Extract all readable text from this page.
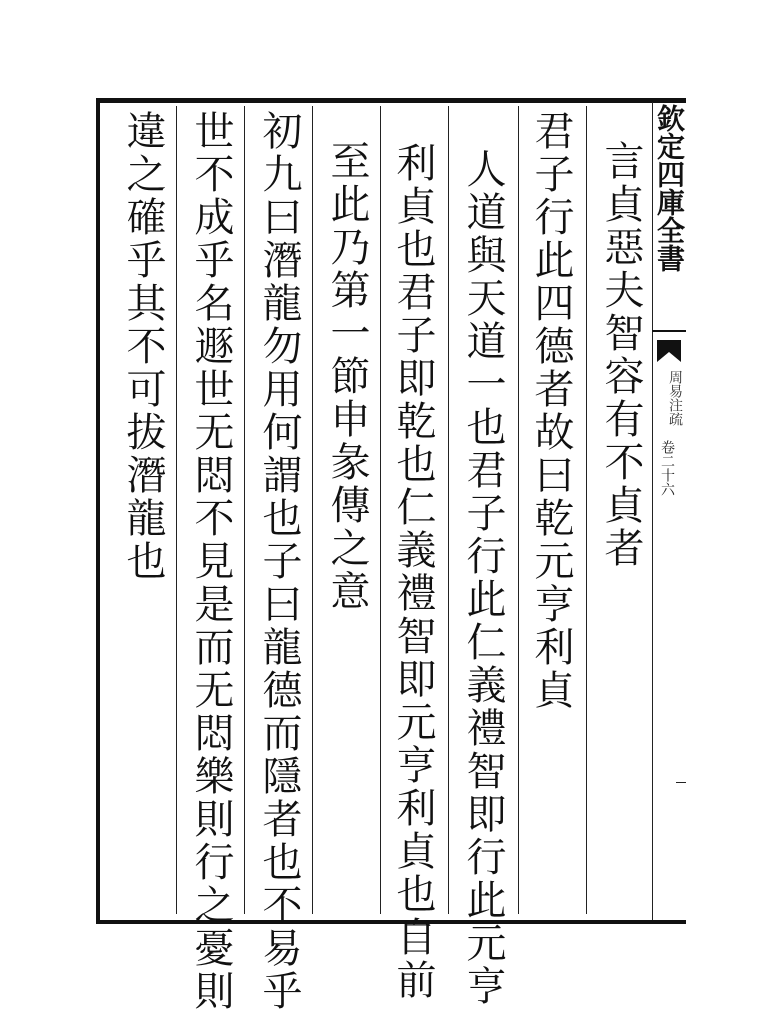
言貞惡夫智容有不貞者
君子行此四德者故曰乾元亨利貞
人道與天道一也君子行此仁義禮智即行此元亨
利貞也君子即乾也仁義禮智即元亨利貞也自前
至此乃第一節申彖傳之意
初九曰潛龍勿用何謂也子曰龍德而隱者也不易乎
世不成乎名遯世无悶不見是而无悶樂則行之憂則
違之確乎其不可拔潛龍也	欽定四庫全書
周易注疏
卷二十六
